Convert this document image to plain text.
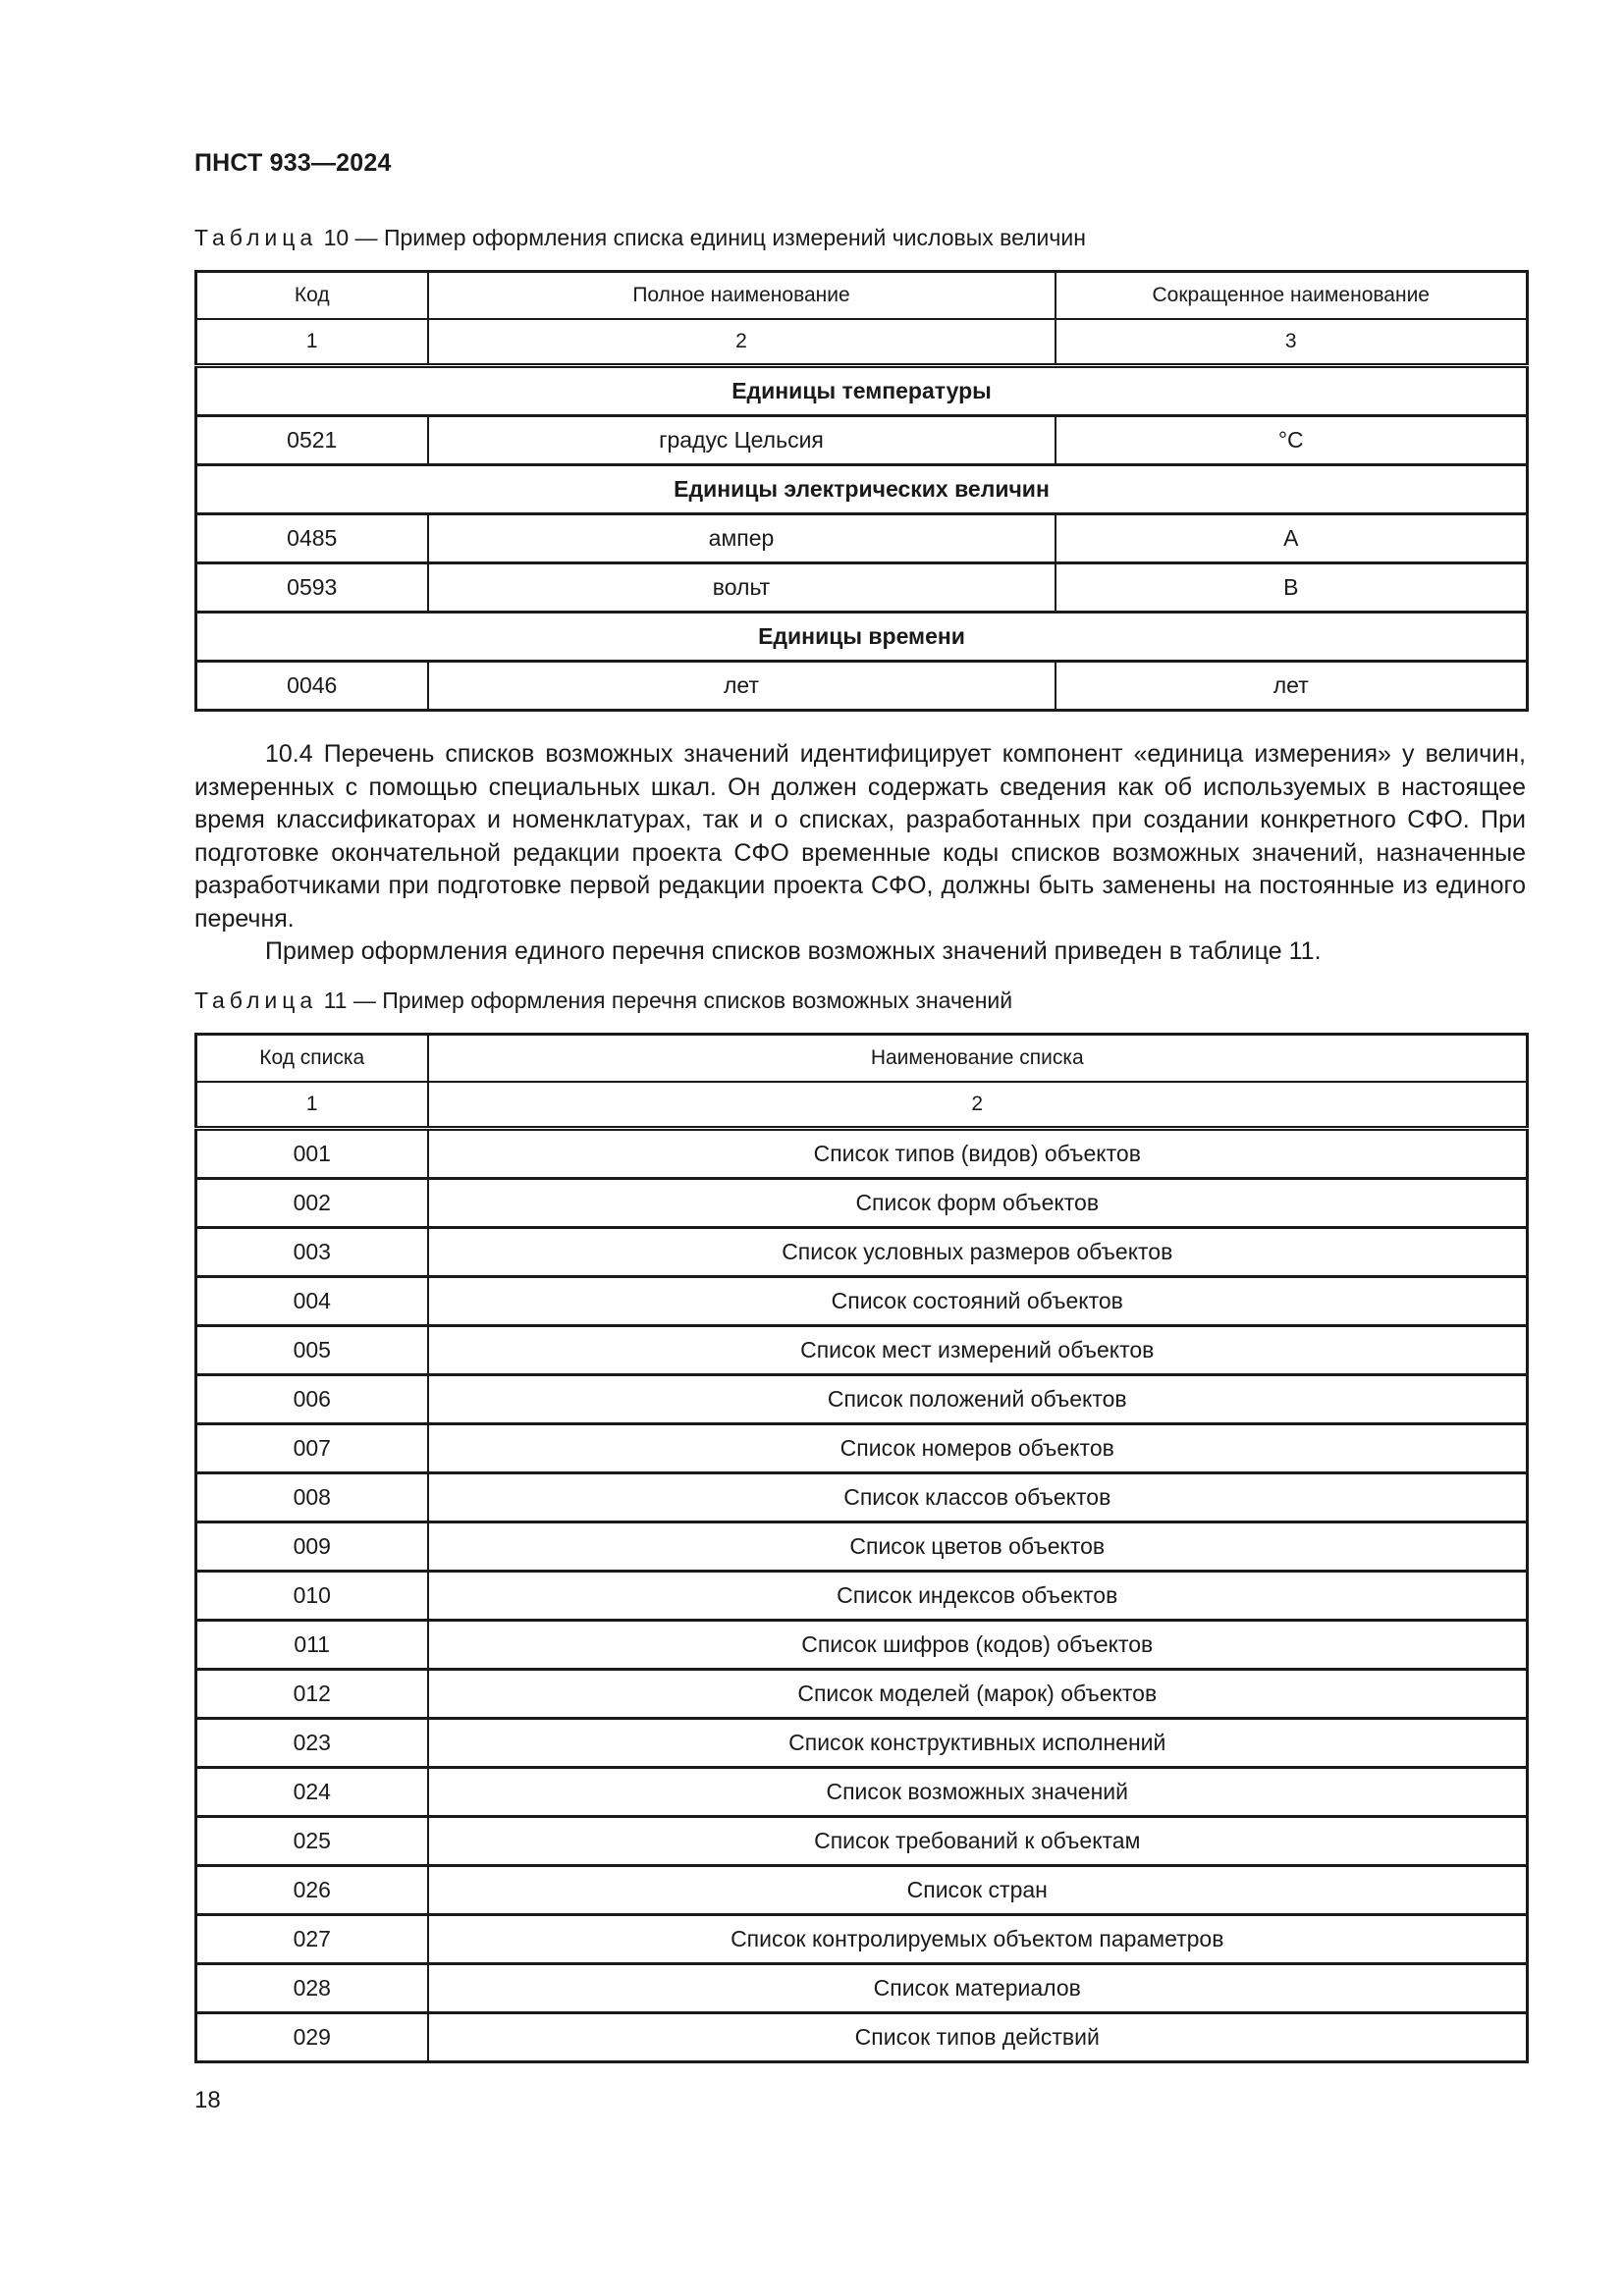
ПНСТ 933—2024
Таблица 10 — Пример оформления списка единиц измерений числовых величин
Код	Полное наименование	Сокращенное наименование
1	2	3
Единицы температуры		
0521	градус Цельсия	°С
Единицы электрических величин		
0485	ампер	А
0593	вольт	В
Единицы времени		
0046	лет	лет

10.4 Перечень списков возможных значений идентифицирует компонент «единица измерения» у величин, измеренных с помощью специальных шкал. Он должен содержать сведения как об используемых в настоящее время классификаторах и номенклатурах, так и о списках, разработанных при создании конкретного СФО. При подготовке окончательной редакции проекта СФО временные коды списков возможных значений, назначенные разработчиками при подготовке первой редакции проекта СФО, должны быть заменены на постоянные из единого перечня.

Пример оформления единого перечня списков возможных значений приведен в таблице 11.

Таблица 11 — Пример оформления перечня списков возможных значений
Код списка	Наименование списка
1	2
001	Список типов (видов) объектов
002	Список форм объектов
003	Список условных размеров объектов
004	Список состояний объектов
005	Список мест измерений объектов
006	Список положений объектов
007	Список номеров объектов
008	Список классов объектов
009	Список цветов объектов
010	Список индексов объектов
011	Список шифров (кодов) объектов
012	Список моделей (марок) объектов
023	Список конструктивных исполнений
024	Список возможных значений
025	Список требований к объектам
026	Список стран
027	Список контролируемых объектом параметров
028	Список материалов
029	Список типов действий
18
